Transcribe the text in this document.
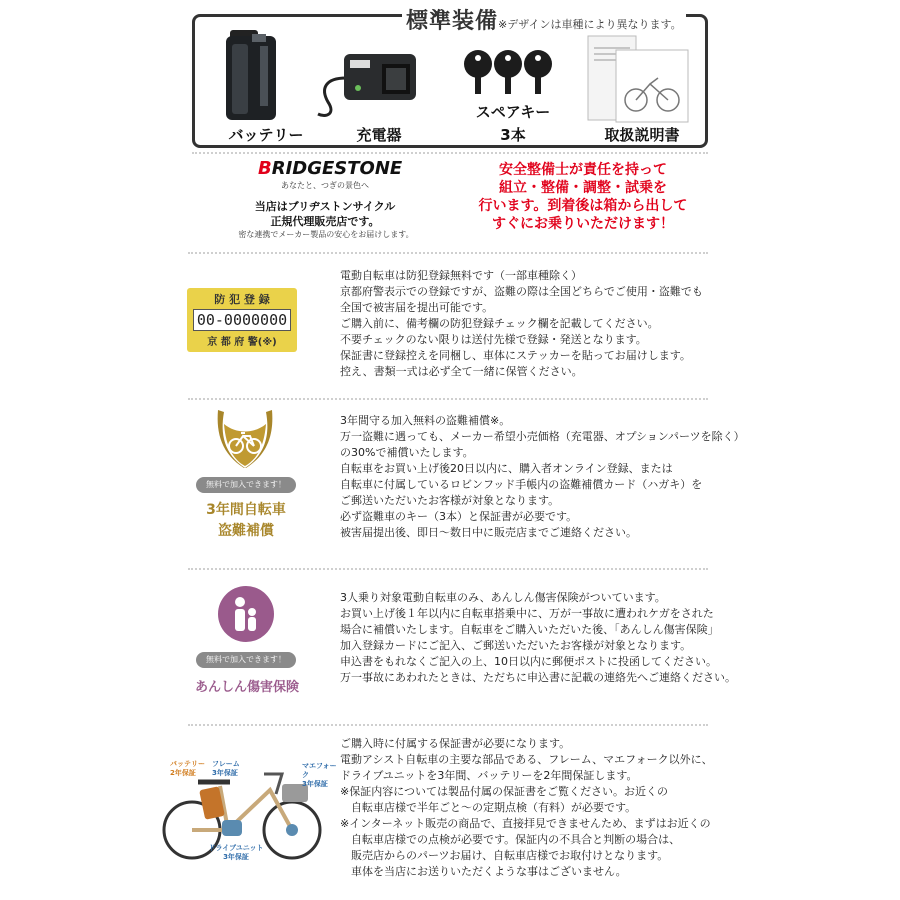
標準装備※デザインは車種により異なります。
バッテリー	充電器
スペアキー
3本	取扱説明書
BRIDGESTONE
あなたと、つぎの景色へ
当店はブリヂストンサイクル
正規代理販売店です。
密な連携でメーカー製品の安心をお届けします。
安全整備士が責任を持って
組立・整備・調整・試乗を
行います。到着後は箱から出して
すぐにお乗りいただけます！
防 犯 登 録
00-0000000
京 都 府 警(※)
電動自転車は防犯登録無料です（一部車種除く）
京都府警表示での登録ですが、盗難の際は全国どちらでご使用・盗難でも
全国で被害届を提出可能です。
ご購入前に、備考欄の防犯登録チェック欄を記載してください。
不要チェックのない限りは送付先様で登録・発送となります。
保証書に登録控えを同梱し、車体にステッカーを貼ってお届けします。
控え、書類一式は必ず全て一緒に保管ください。
無料で加入できます！
3年間自転車
盗難補償
3年間守る加入無料の盗難補償※。
万一盗難に遇っても、メーカー希望小売価格（充電器、オプションパーツを除く）
の30%で補償いたします。
自転車をお買い上げ後20日以内に、購入者オンライン登録、または
自転車に付属しているロビンフッド手帳内の盗難補償カード（ハガキ）を
ご郵送いただいたお客様が対象となります。
必ず盗難車のキー（3本）と保証書が必要です。
被害届提出後、即日～数日中に販売店までご連絡ください。
無料で加入できます！
あんしん傷害保険
3人乗り対象電動自転車のみ、あんしん傷害保険がついています。
お買い上げ後１年以内に自転車搭乗中に、万が一事故に遭われケガをされた
場合に補償いたします。自転車をご購入いただいた後、「あんしん傷害保険」
加入登録カードにご記入、ご郵送いただいたお客様が対象となります。
申込書をもれなくご記入の上、10日以内に郵便ポストに投函してください。
万一事故にあわれたときは、ただちに申込書に記載の連絡先へご連絡ください。
バッテリー
2年保証
フレーム
3年保証
マエフォーク
3年保証
ドライブユニット
3年保証
ご購入時に付属する保証書が必要になります。
電動アシスト自転車の主要な部品である、フレーム、マエフォーク以外に、
ドライブユニットを3年間、バッテリーを2年間保証します。
※保証内容については製品付属の保証書をご覧ください。お近くの
　自転車店様で半年ごと～の定期点検（有料）が必要です。
※インターネット販売の商品で、直接拝見できませんため、まずはお近くの
　自転車店様での点検が必要です。保証内の不具合と判断の場合は、
　販売店からのパーツお届け、自転車店様でお取付けとなります。
　車体を当店にお送りいただくような事はございません。
